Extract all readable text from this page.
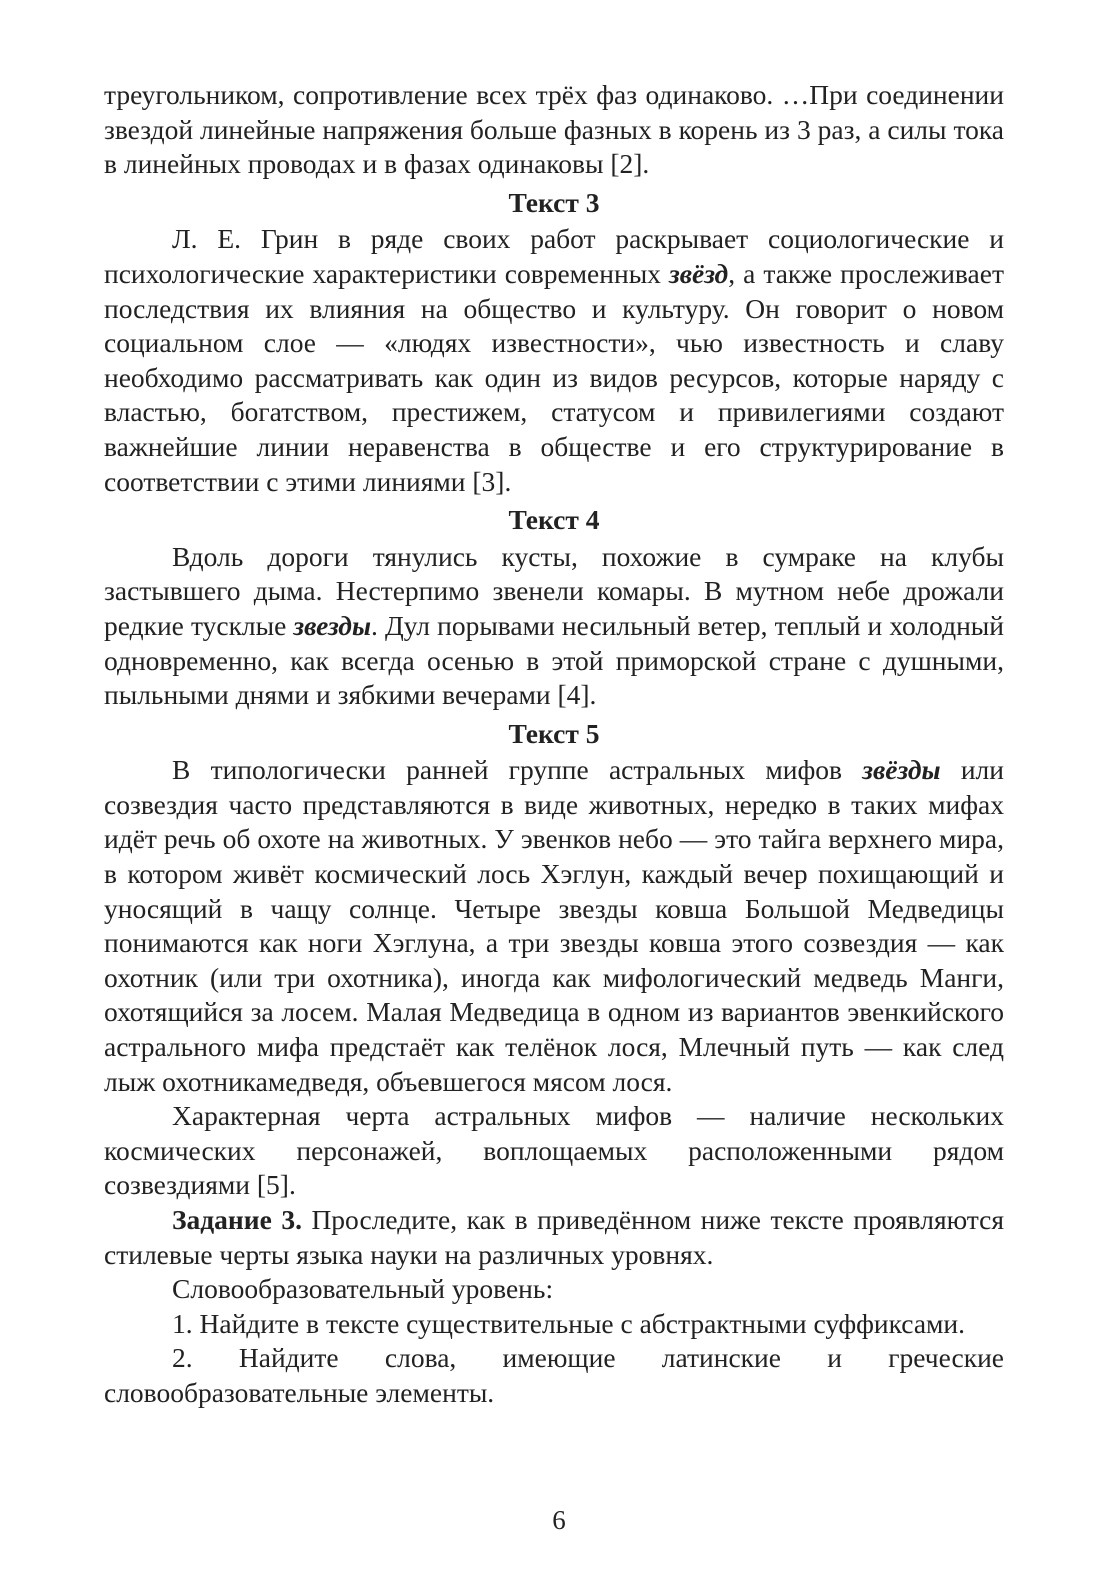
треугольником, сопротивление всех трёх фаз одинаково. …При соединении звездой линейные напряжения больше фазных в корень из 3 раз, а силы тока в линейных проводах и в фазах одинаковы [2].

Текст 3

Л. Е. Грин в ряде своих работ раскрывает социологические и психологические характеристики современных звёзд, а также прослеживает последствия их влияния на общество и культуру. Он говорит о новом социальном слое — «людях известности», чью известность и славу необходимо рассматривать как один из видов ресурсов, которые наряду с властью, богатством, престижем, статусом и привилегиями создают важнейшие линии неравенства в обществе и его структурирование в соответствии с этими линиями [3].

Текст 4

Вдоль дороги тянулись кусты, похожие в сумраке на клубы застывшего дыма. Нестерпимо звенели комары. В мутном небе дрожали редкие тусклые звезды. Дул порывами несильный ветер, теплый и холодный одновременно, как всегда осенью в этой приморской стране с душными, пыльными днями и зябкими вечерами [4].

Текст 5

В типологически ранней группе астральных мифов звёзды или созвездия часто представляются в виде животных, нередко в таких мифах идёт речь об охоте на животных. У эвенков небо — это тайга верхнего мира, в котором живёт космический лось Хэглун, каждый вечер похищающий и уносящий в чащу солнце. Четыре звезды ковша Большой Медведицы понимаются как ноги Хэглуна, а три звезды ковша этого созвездия — как охотник (или три охотника), иногда как мифологический медведь Манги, охотящийся за лосем. Малая Медведица в одном из вариантов эвенкийского астрального мифа предстаёт как телёнок лося, Млечный путь — как след лыж охотникамедведя, объевшегося мясом лося.

Характерная черта астральных мифов — наличие нескольких космических персонажей, воплощаемых расположенными рядом созвездиями [5].

Задание 3. Проследите, как в приведённом ниже тексте проявляются стилевые черты языка науки на различных уровнях.

Словообразовательный уровень:

1. Найдите в тексте существительные с абстрактными суффиксами.

2. Найдите слова, имеющие латинские и греческие словообразовательные элементы.

6
